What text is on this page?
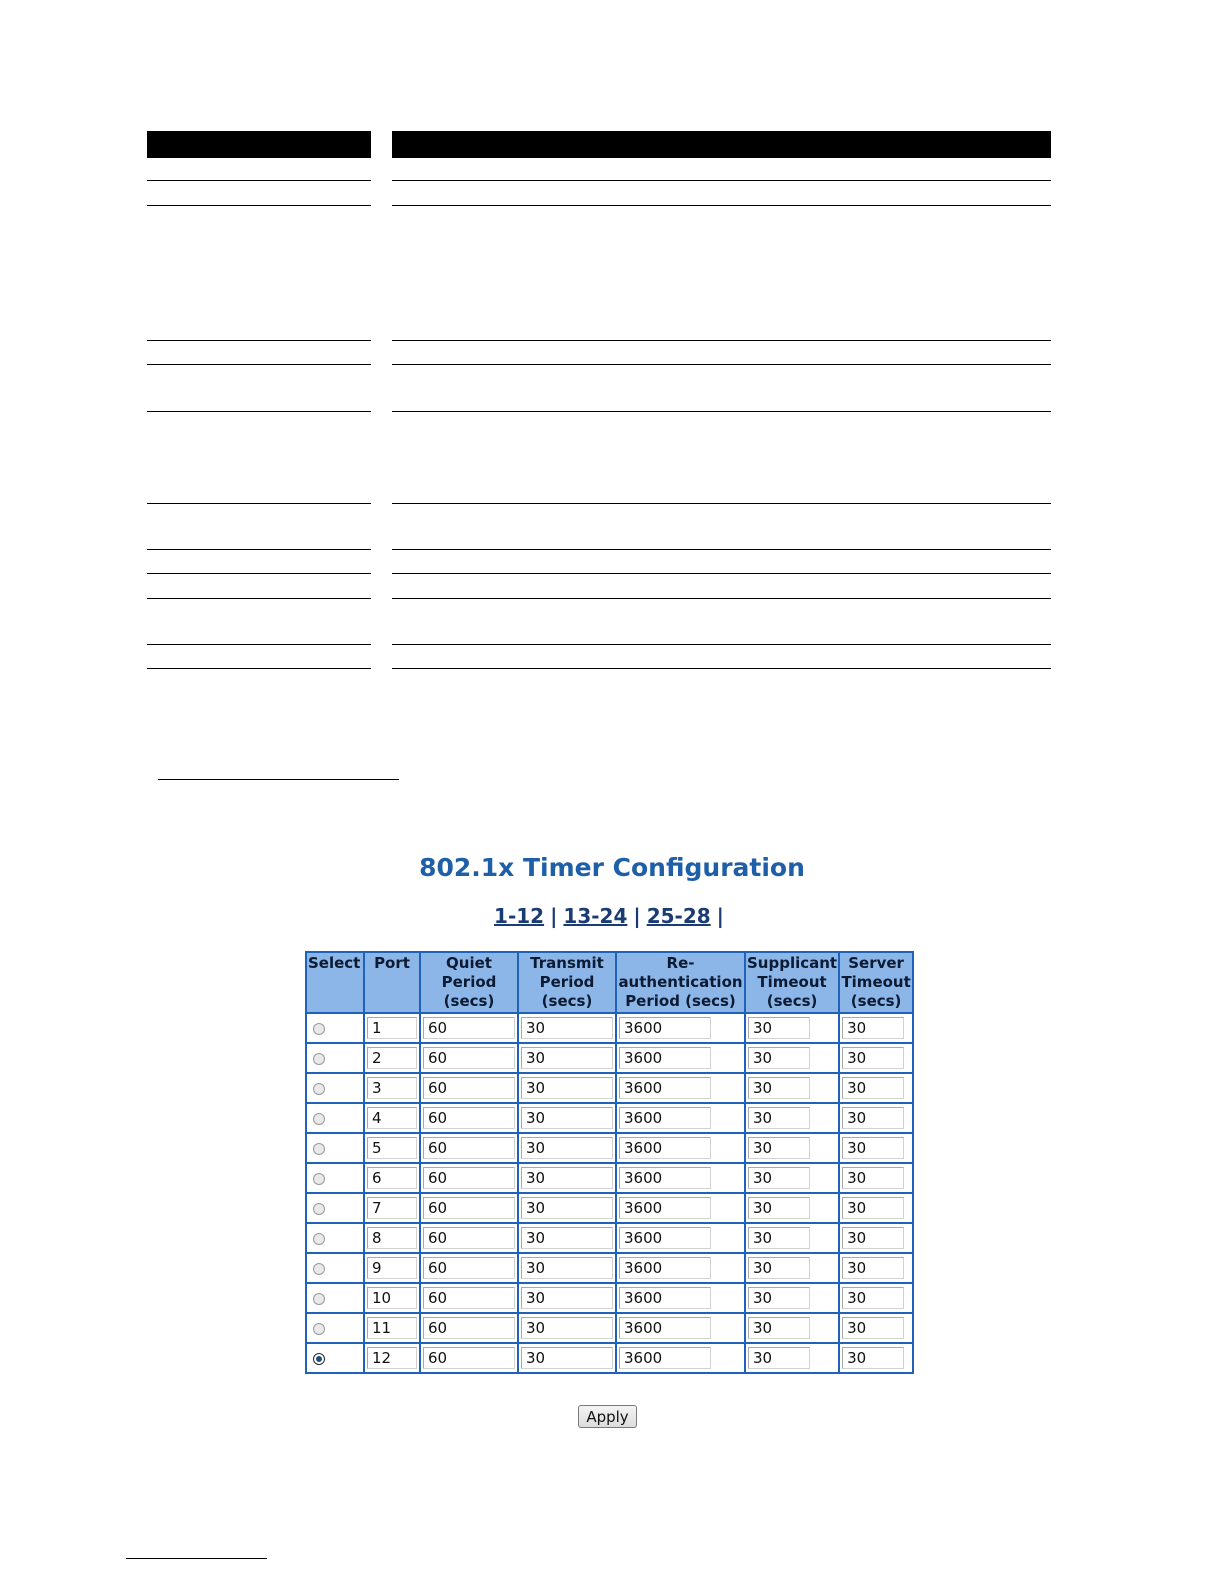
802.1x Timer Configuration
1-12 | 13-24 | 25-28 |
Select	Port	Quiet Period (secs)	Transmit Period (secs)	Re-authentication Period (secs)	Supplicant Timeout (secs)	Server Timeout (secs)
	1	60	30	3600	30	30
	2	60	30	3600	30	30
	3	60	30	3600	30	30
	4	60	30	3600	30	30
	5	60	30	3600	30	30
	6	60	30	3600	30	30
	7	60	30	3600	30	30
	8	60	30	3600	30	30
	9	60	30	3600	30	30
	10	60	30	3600	30	30
	11	60	30	3600	30	30
	12	60	30	3600	30	30
Apply
